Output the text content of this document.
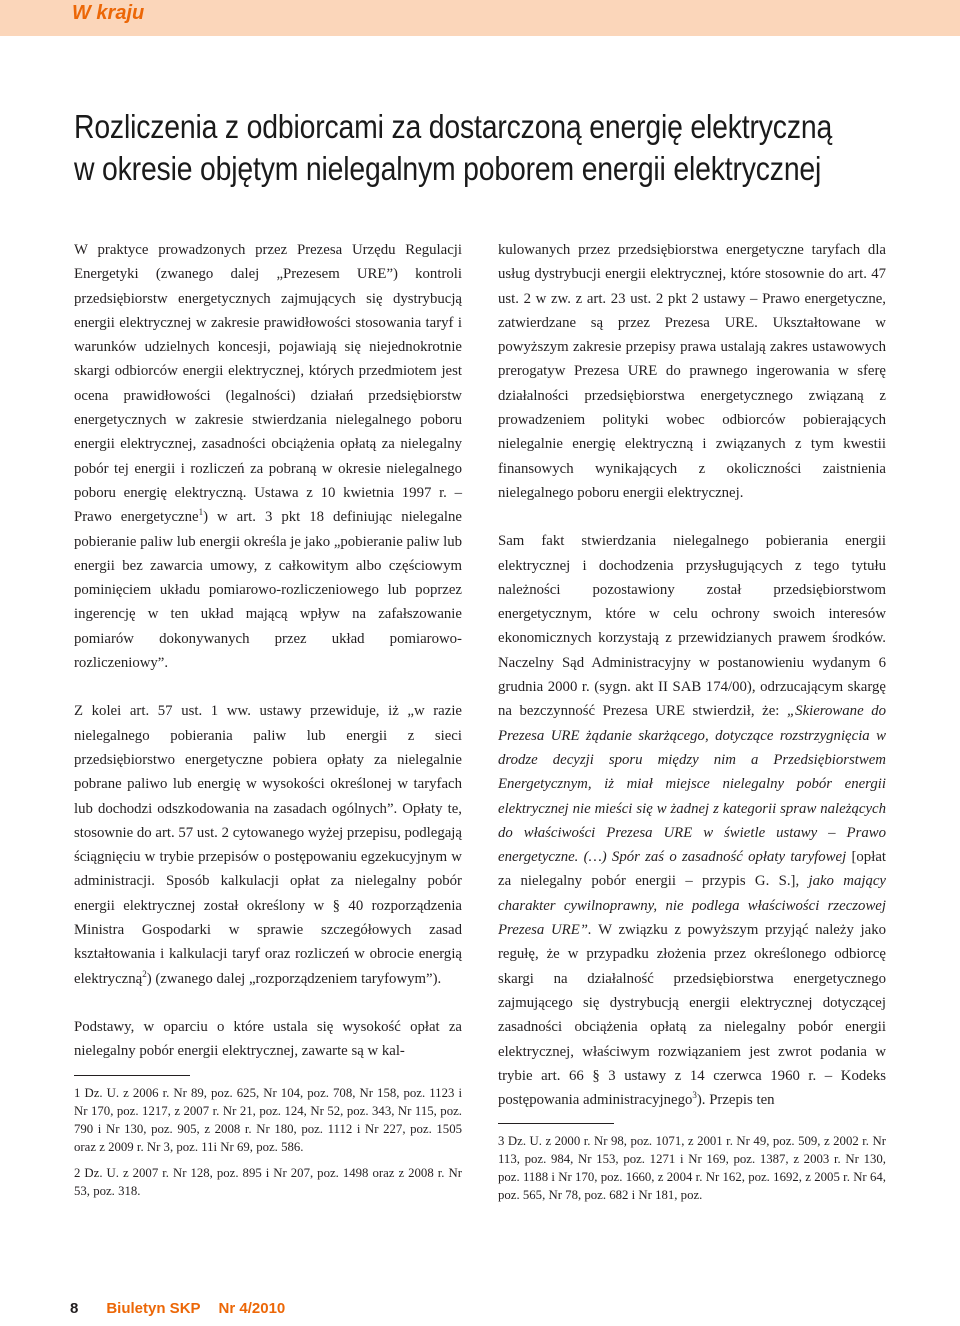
W kraju
Rozliczenia z odbiorcami za dostarczoną energię elektryczną
w okresie objętym nielegalnym poborem energii elektrycznej

W praktyce prowadzonych przez Prezesa Urzędu Regulacji Energetyki (zwanego dalej „Prezesem URE”) kontroli przedsiębiorstw energetycznych zajmujących się dystrybucją energii elektrycznej w zakresie prawidłowości stosowania taryf i warunków udzielnych koncesji, pojawiają się niejednokrotnie skargi odbiorców energii elektrycznej, których przedmiotem jest ocena prawidłowości (legalności) działań przedsiębiorstw energetycznych w zakresie stwierdzania nielegalnego poboru energii elektrycznej, zasadności obciążenia opłatą za nielegalny pobór tej energii i rozliczeń za pobraną w okresie nielegalnego poboru energię elektryczną. Ustawa z 10 kwietnia 1997 r. – Prawo energetyczne$^1$) w art. 3 pkt 18 definiując nielegalne pobieranie paliw lub energii określa je jako „pobieranie paliw lub energii bez zawarcia umowy, z całkowitym albo częściowym pominięciem układu pomiarowo-rozliczeniowego lub poprzez ingerencję w ten układ mającą wpływ na zafałszowanie pomiarów dokonywanych przez układ pomiarowo-rozliczeniowy”.

Z kolei art. 57 ust. 1 ww. ustawy przewiduje, iż „w razie nielegalnego pobierania paliw lub energii z sieci przedsiębiorstwo energetyczne pobiera opłaty za nielegalnie pobrane paliwo lub energię w wysokości określonej w taryfach lub dochodzi odszkodowania na zasadach ogólnych”. Opłaty te, stosownie do art. 57 ust. 2 cytowanego wyżej przepisu, podlegają ściągnięciu w trybie przepisów o postępowaniu egzekucyjnym w administracji. Sposób kalkulacji opłat za nielegalny pobór energii elektrycznej został określony w § 40 rozporządzenia Ministra Gospodarki w sprawie szczegółowych zasad kształtowania i kalkulacji taryf oraz rozliczeń w obrocie energią elektryczną$^2$) (zwanego dalej „rozporządzeniem taryfowym”).

Podstawy, w oparciu o które ustala się wysokość opłat za nielegalny pobór energii elektrycznej, zawarte są w kal-

1 Dz. U. z 2006 r. Nr 89, poz. 625, Nr 104, poz. 708, Nr 158, poz. 1123 i Nr 170, poz. 1217, z 2007 r. Nr 21, poz. 124, Nr 52, poz. 343, Nr 115, poz. 790 i Nr 130, poz. 905, z 2008 r. Nr 180, poz. 1112 i Nr 227, poz. 1505 oraz z 2009 r. Nr 3, poz. 11i Nr 69, poz. 586.

2 Dz. U. z 2007 r. Nr 128, poz. 895 i Nr 207, poz. 1498 oraz z 2008 r. Nr 53, poz. 318.

kulowanych przez przedsiębiorstwa energetyczne taryfach dla usług dystrybucji energii elektrycznej, które stosownie do art. 47 ust. 2 w zw. z art. 23 ust. 2 pkt 2 ustawy – Prawo energetyczne, zatwierdzane są przez Prezesa URE. Ukształtowane w powyższym zakresie przepisy prawa ustalają zakres ustawowych prerogatyw Prezesa URE do prawnego ingerowania w sferę działalności przedsiębiorstwa energetycznego związaną z prowadzeniem polityki wobec odbiorców pobierających nielegalnie energię elektryczną i związanych z tym kwestii finansowych wynikających z okoliczności zaistnienia nielegalnego poboru energii elektrycznej.

Sam fakt stwierdzania nielegalnego pobierania energii elektrycznej i dochodzenia przysługujących z tego tytułu należności pozostawiony został przedsiębiorstwom energetycznym, które w celu ochrony swoich interesów ekonomicznych korzystają z przewidzianych prawem środków. Naczelny Sąd Administracyjny w postanowieniu wydanym 6 grudnia 2000 r. (sygn. akt II SAB 174/00), odrzucającym skargę na bezczynność Prezesa URE stwierdził, że: „Skierowane do Prezesa URE żądanie skarżącego, dotyczące rozstrzygnięcia w drodze decyzji sporu między nim a Przedsiębiorstwem Energetycznym, iż miał miejsce nielegalny pobór energii elektrycznej nie mieści się w żadnej z kategorii spraw należących do właściwości Prezesa URE w świetle ustawy – Prawo energetyczne. (…) Spór zaś o zasadność opłaty taryfowej [opłat za nielegalny pobór energii – przypis G. S.], jako mający charakter cywilnoprawny, nie podlega właściwości rzeczowej Prezesa URE”. W związku z powyższym przyjąć należy jako regułę, że w przypadku złożenia przez określonego odbiorcę skargi na działalność przedsiębiorstwa energetycznego zajmującego się dystrybucją energii elektrycznej dotyczącej zasadności obciążenia opłatą za nielegalny pobór energii elektrycznej, właściwym rozwiązaniem jest zwrot podania w trybie art. 66 § 3 ustawy z 14 czerwca 1960 r. – Kodeks postępowania administracyjnego$^3$). Przepis ten

3 Dz. U. z 2000 r. Nr 98, poz. 1071, z 2001 r. Nr 49, poz. 509, z 2002 r. Nr 113, poz. 984, Nr 153, poz. 1271 i Nr 169, poz. 1387, z 2003 r. Nr 130, poz. 1188 i Nr 170, poz. 1660, z 2004 r. Nr 162, poz. 1692, z 2005 r. Nr 64, poz. 565, Nr 78, poz. 682 i Nr 181, poz.

8 Biuletyn SKP Nr 4/2010
